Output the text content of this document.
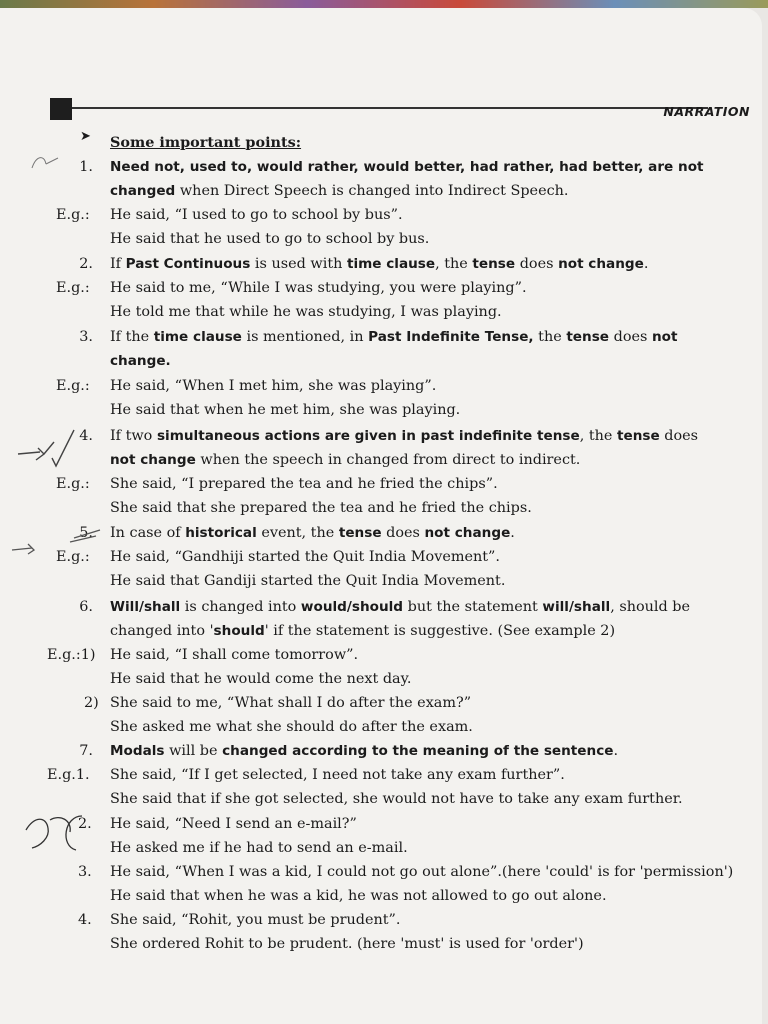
NARRATION
➤ Some important points:
1. Need not, used to, would rather, would better, had rather, had better, are not
changed when Direct Speech is changed into Indirect Speech.
E.g.: He said, “I used to go to school by bus”.
He said that he used to go to school by bus.
2. If Past Continuous is used with time clause, the tense does not change.
E.g.: He said to me, “While I was studying, you were playing”.
He told me that while he was studying, I was playing.
3. If the time clause is mentioned, in Past Indefinite Tense, the tense does not
change.
E.g.: He said, “When I met him, she was playing”.
He said that when he met him, she was playing.
4. If two simultaneous actions are given in past indefinite tense, the tense does
not change when the speech in changed from direct to indirect.
E.g.: She said, “I prepared the tea and he fried the chips”.
She said that she prepared the tea and he fried the chips.
5. In case of historical event, the tense does not change.
E.g.: He said, “Gandhiji started the Quit India Movement”.
He said that Gandiji started the Quit India Movement.
6. Will/shall is changed into would/should but the statement will/shall, should be
changed into 'should' if the statement is suggestive. (See example 2)
E.g.:1) He said, “I shall come tomorrow”.
He said that he would come the next day.
2) She said to me, “What shall I do after the exam?”
She asked me what she should do after the exam.
7. Modals will be changed according to the meaning of the sentence.
E.g.1. She said, “If I get selected, I need not take any exam further”.
She said that if she got selected, she would not have to take any exam further.
2. He said, “Need I send an e-mail?”
He asked me if he had to send an e-mail.
3. He said, “When I was a kid, I could not go out alone”.(here 'could' is for 'permission')
He said that when he was a kid, he was not allowed to go out alone.
4. She said, “Rohit, you must be prudent”.
She ordered Rohit to be prudent. (here 'must' is used for 'order')
